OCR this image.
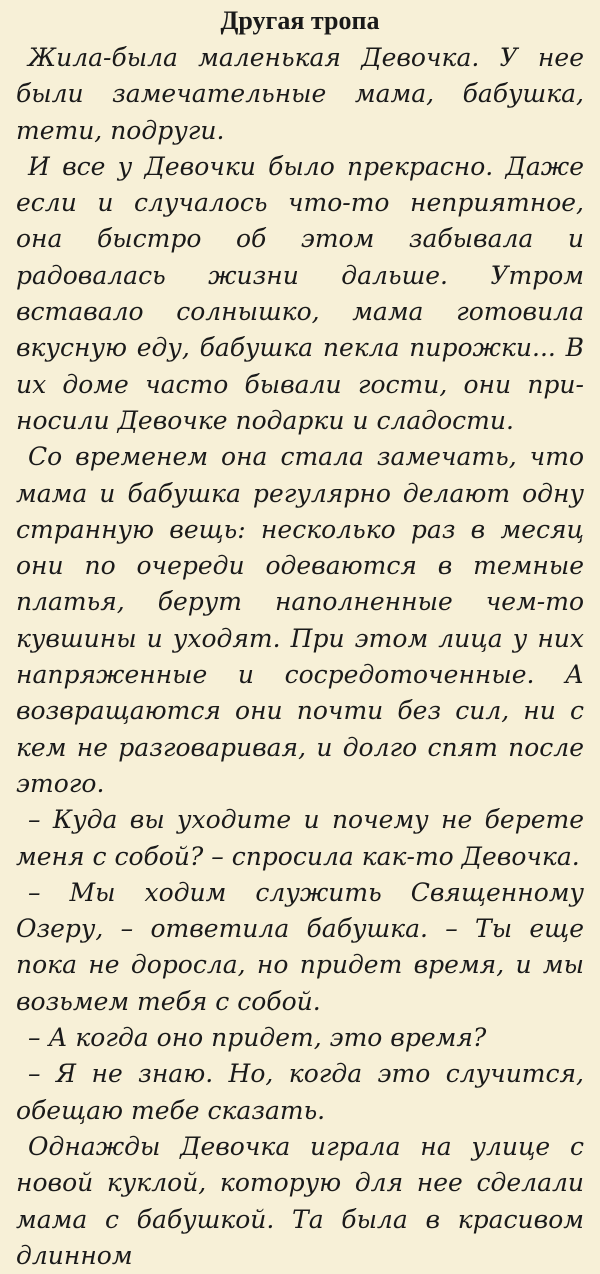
Другая тропа

Жила-была маленькая Девочка. У нее были замечательные мама, бабушка, тети, подруги.

И все у Девочки было прекрасно. Даже если и случалось что-то неприятное, она быстро об этом забывала и радовалась жизни дальше. Утром вставало солнышко, мама готовила вкусную еду, бабушка пекла пирожки... В их доме часто бывали гости, они приносили Девочке подарки и сладости.

Со временем она стала замечать, что мама и бабушка регулярно делают одну странную вещь: несколько раз в месяц они по очереди одеваются в темные платья, берут наполненные чем-то кувшины и уходят. При этом лица у них напряженные и сосредоточенные. А возвращаются они почти без сил, ни с кем не разговаривая, и долго спят после этого.

– Куда вы уходите и почему не берете меня с собой? – спросила как-то Девочка.

– Мы ходим служить Священному Озеру, – ответила бабушка. – Ты еще пока не доросла, но придет время, и мы возьмем тебя с собой.

– А когда оно придет, это время?

– Я не знаю. Но, когда это случится, обещаю тебе сказать.

Однажды Девочка играла на улице с новой куклой, которую для нее сделали мама с бабушкой. Та была в красивом длинном
